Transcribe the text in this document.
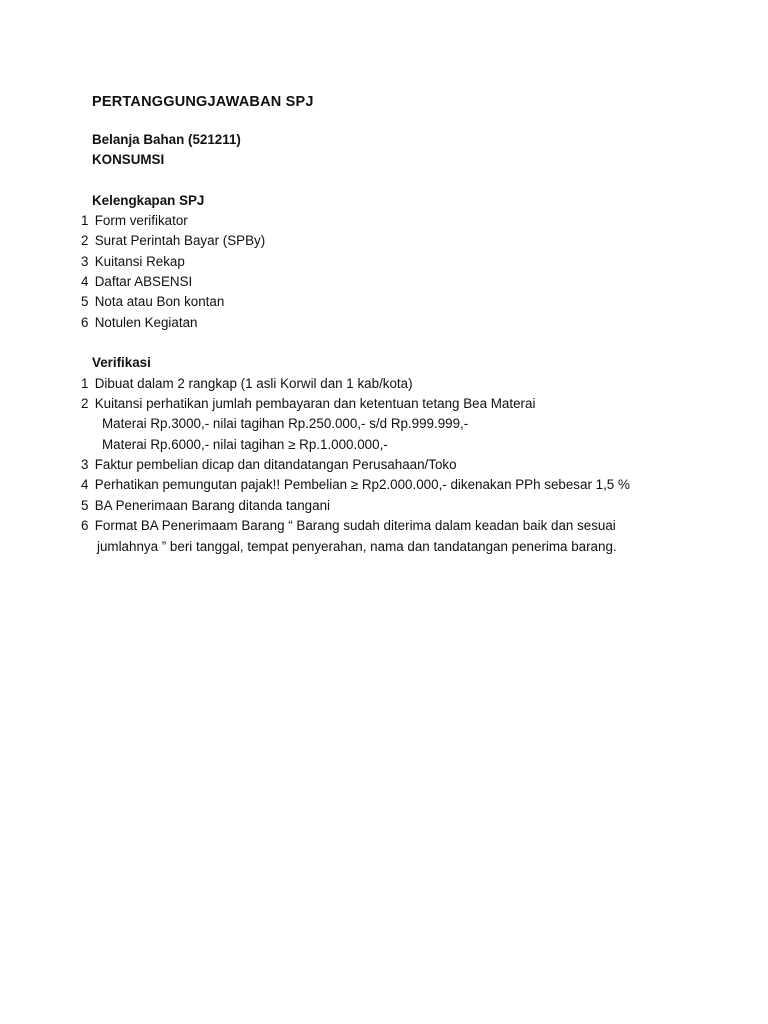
PERTANGGUNGJAWABAN SPJ
Belanja Bahan (521211)
KONSUMSI
Kelengkapan SPJ
1 Form verifikator
2 Surat Perintah Bayar (SPBy)
3 Kuitansi Rekap
4 Daftar ABSENSI
5 Nota atau Bon kontan
6 Notulen Kegiatan
Verifikasi
1 Dibuat dalam 2 rangkap (1 asli Korwil dan 1 kab/kota)
2 Kuitansi perhatikan jumlah pembayaran dan ketentuan tetang Bea Materai
Materai Rp.3000,- nilai tagihan Rp.250.000,- s/d Rp.999.999,-
Materai Rp.6000,- nilai tagihan ≥ Rp.1.000.000,-
3 Faktur pembelian dicap dan ditandatangan Perusahaan/Toko
4 Perhatikan pemungutan pajak!! Pembelian ≥ Rp2.000.000,- dikenakan PPh sebesar 1,5 %
5 BA Penerimaan Barang ditanda tangani
6 Format BA Penerimaam Barang “ Barang sudah diterima dalam keadan baik dan sesuai
jumlahnya ” beri tanggal, tempat penyerahan, nama dan tandatangan penerima barang.
